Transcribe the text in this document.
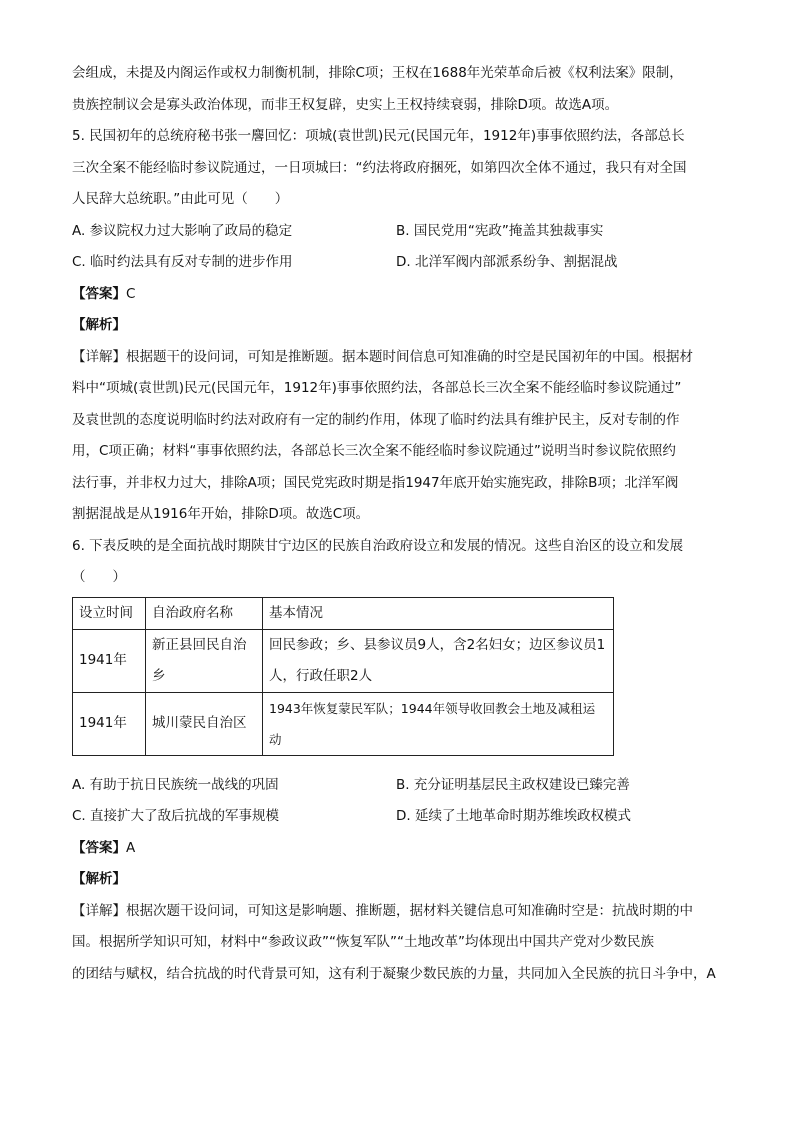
会组成，未提及内阁运作或权力制衡机制，排除C项；王权在1688年光荣革命后被《权利法案》限制，

贵族控制议会是寡头政治体现，而非王权复辟，史实上王权持续衰弱，排除D项。故选A项。

5. 民国初年的总统府秘书张一麐回忆：项城(袁世凯)民元(民国元年，1912年)事事依照约法，各部总长

三次全案不能经临时参议院通过，一日项城曰：“约法将政府捆死，如第四次全体不通过，我只有对全国

人民辞大总统职。”由此可见（　　）

A. 参议院权力过大影响了政局的稳定	B. 国民党用“宪政”掩盖其独裁事实
C. 临时约法具有反对专制的进步作用	D. 北洋军阀内部派系纷争、割据混战

【答案】C

【解析】

【详解】根据题干的设问词，可知是推断题。据本题时间信息可知准确的时空是民国初年的中国。根据材

料中“项城(袁世凯)民元(民国元年，1912年)事事依照约法，各部总长三次全案不能经临时参议院通过”

及袁世凯的态度说明临时约法对政府有一定的制约作用，体现了临时约法具有维护民主，反对专制的作

用，C项正确；材料“事事依照约法，各部总长三次全案不能经临时参议院通过”说明当时参议院依照约

法行事，并非权力过大，排除A项；国民党宪政时期是指1947年底开始实施宪政，排除B项；北洋军阀

割据混战是从1916年开始，排除D项。故选C项。

6. 下表反映的是全面抗战时期陕甘宁边区的民族自治政府设立和发展的情况。这些自治区的设立和发展

（　　）

设立时间	自治政府名称	基本情况
1941年	新正县回民自治乡	回民参政；乡、县参议员9人，含2名妇女；边区参议员1人，行政任职2人
1941年	城川蒙民自治区	1943年恢复蒙民军队；1944年领导收回教会土地及减租运动
A. 有助于抗日民族统一战线的巩固	B. 充分证明基层民主政权建设已臻完善
C. 直接扩大了敌后抗战的军事规模	D. 延续了土地革命时期苏维埃政权模式

【答案】A

【解析】

【详解】根据次题干设问词，可知这是影响题、推断题，据材料关键信息可知准确时空是：抗战时期的中

国。根据所学知识可知，材料中“参政议政”“恢复军队”“土地改革”均体现出中国共产党对少数民族

的团结与赋权，结合抗战的时代背景可知，这有利于凝聚少数民族的力量，共同加入全民族的抗日斗争中，A
